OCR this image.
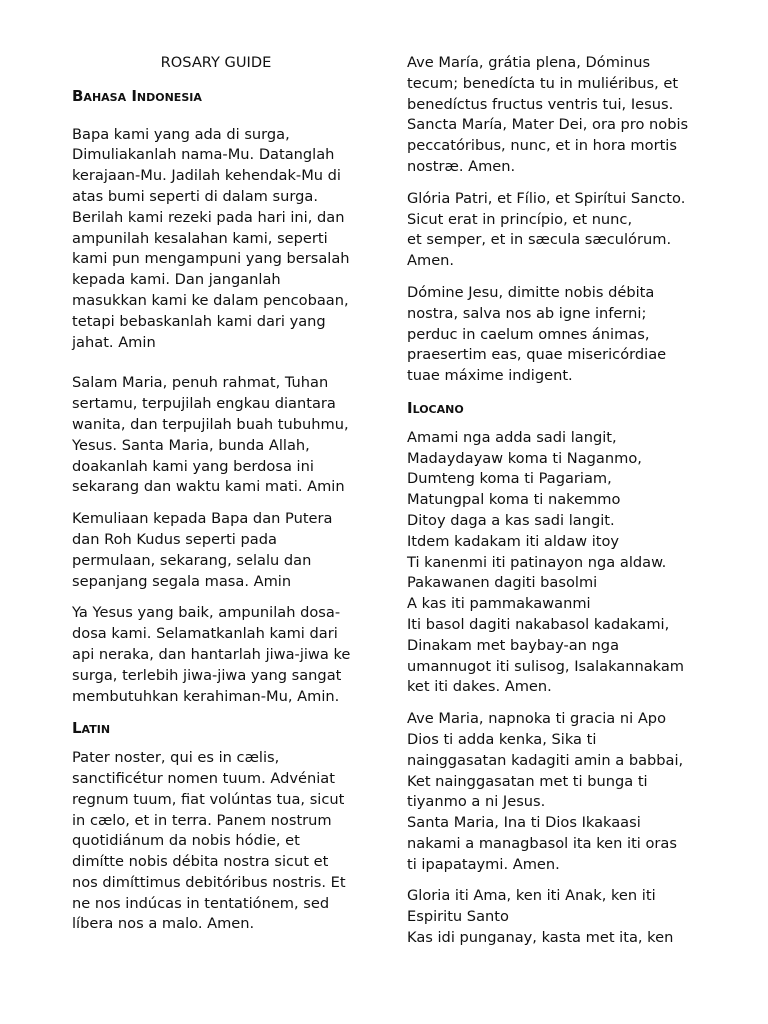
ROSARY GUIDE
Bahasa Indonesia

Bapa kami yang ada di surga,
Dimuliakanlah nama-Mu. Datanglah
kerajaan-Mu. Jadilah kehendak-Mu di
atas bumi seperti di dalam surga.
Berilah kami rezeki pada hari ini, dan
ampunilah kesalahan kami, seperti
kami pun mengampuni yang bersalah
kepada kami. Dan janganlah
masukkan kami ke dalam pencobaan,
tetapi bebaskanlah kami dari yang
jahat. Amin

Salam Maria, penuh rahmat, Tuhan
sertamu, terpujilah engkau diantara
wanita, dan terpujilah buah tubuhmu,
Yesus. Santa Maria, bunda Allah,
doakanlah kami yang berdosa ini
sekarang dan waktu kami mati. Amin

Kemuliaan kepada Bapa dan Putera
dan Roh Kudus seperti pada
permulaan, sekarang, selalu dan
sepanjang segala masa. Amin

Ya Yesus yang baik, ampunilah dosa-
dosa kami. Selamatkanlah kami dari
api neraka, dan hantarlah jiwa-jiwa ke
surga, terlebih jiwa-jiwa yang sangat
membutuhkan kerahiman-Mu, Amin.

Latin

Pater noster, qui es in cælis,
sanctificétur nomen tuum. Advéniat
regnum tuum, fiat volúntas tua, sicut
in cælo, et in terra. Panem nostrum
quotidiánum da nobis hódie, et
dimítte nobis débita nostra sicut et
nos dimíttimus debitóribus nostris. Et
ne nos indúcas in tentatiónem, sed
líbera nos a malo. Amen.

Ave María, grátia plena, Dóminus
tecum; benedícta tu in muliéribus, et
benedíctus fructus ventris tui, Iesus.
Sancta María, Mater Dei, ora pro nobis
peccatóribus, nunc, et in hora mortis
nostræ. Amen.

Glória Patri, et Fílio, et Spirítui Sancto.
Sicut erat in princípio, et nunc,
et semper, et in sæcula sæculórum.
Amen.

Dómine Jesu, dimitte nobis débita
nostra, salva nos ab igne inferni;
perduc in caelum omnes ánimas,
praesertim eas, quae misericórdiae
tuae máxime indigent.

Ilocano

Amami nga adda sadi langit,
Madaydayaw koma ti Naganmo,
Dumteng koma ti Pagariam,
Matungpal koma ti nakemmo
Ditoy daga a kas sadi langit.
Itdem kadakam iti aldaw itoy
Ti kanenmi iti patinayon nga aldaw.
Pakawanen dagiti basolmi
A kas iti pammakawanmi
Iti basol dagiti nakabasol kadakami,
Dinakam met baybay-an nga
umannugot iti sulisog, Isalakannakam
ket iti dakes. Amen.

Ave Maria, napnoka ti gracia ni Apo
Dios ti adda kenka, Sika ti
nainggasatan kadagiti amin a babbai,
Ket nainggasatan met ti bunga ti
tiyanmo a ni Jesus.
Santa Maria, Ina ti Dios Ikakaasi
nakami a managbasol ita ken iti oras
ti ipapataymi. Amen.

Gloria iti Ama, ken iti Anak, ken iti
Espiritu Santo
Kas idi punganay, kasta met ita, ken
